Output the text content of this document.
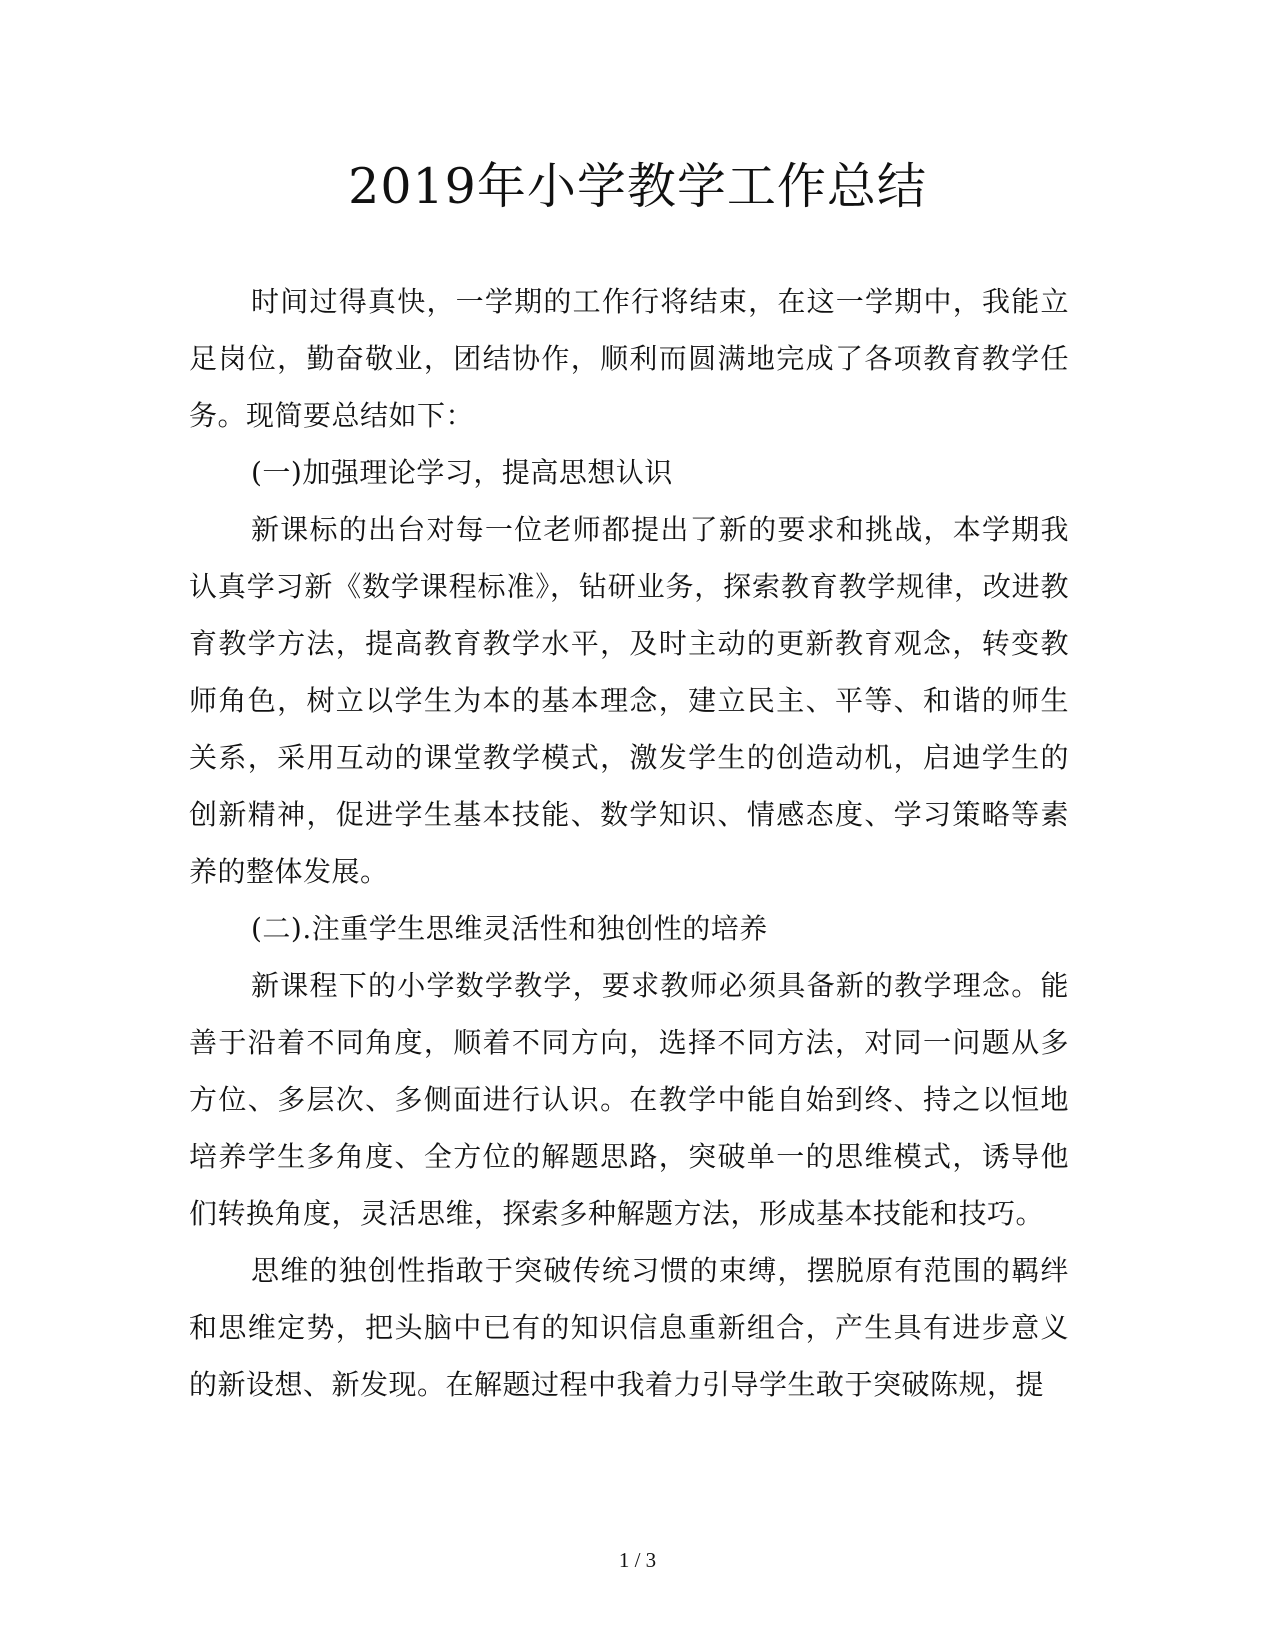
2019年小学教学工作总结

时间过得真快，一学期的工作行将结束，在这一学期中，我能立足岗位，勤奋敬业，团结协作，顺利而圆满地完成了各项教育教学任务。现简要总结如下：

(一)加强理论学习，提高思想认识

新课标的出台对每一位老师都提出了新的要求和挑战，本学期我认真学习新《数学课程标准》，钻研业务，探索教育教学规律，改进教育教学方法，提高教育教学水平，及时主动的更新教育观念，转变教师角色，树立以学生为本的基本理念，建立民主、平等、和谐的师生关系，采用互动的课堂教学模式，激发学生的创造动机，启迪学生的创新精神，促进学生基本技能、数学知识、情感态度、学习策略等素养的整体发展。

(二).注重学生思维灵活性和独创性的培养

新课程下的小学数学教学，要求教师必须具备新的教学理念。能善于沿着不同角度，顺着不同方向，选择不同方法，对同一问题从多方位、多层次、多侧面进行认识。在教学中能自始到终、持之以恒地培养学生多角度、全方位的解题思路，突破单一的思维模式，诱导他们转换角度，灵活思维，探索多种解题方法，形成基本技能和技巧。

思维的独创性指敢于突破传统习惯的束缚，摆脱原有范围的羁绊和思维定势，把头脑中已有的知识信息重新组合，产生具有进步意义的新设想、新发现。在解题过程中我着力引导学生敢于突破陈规，提

1 / 3
